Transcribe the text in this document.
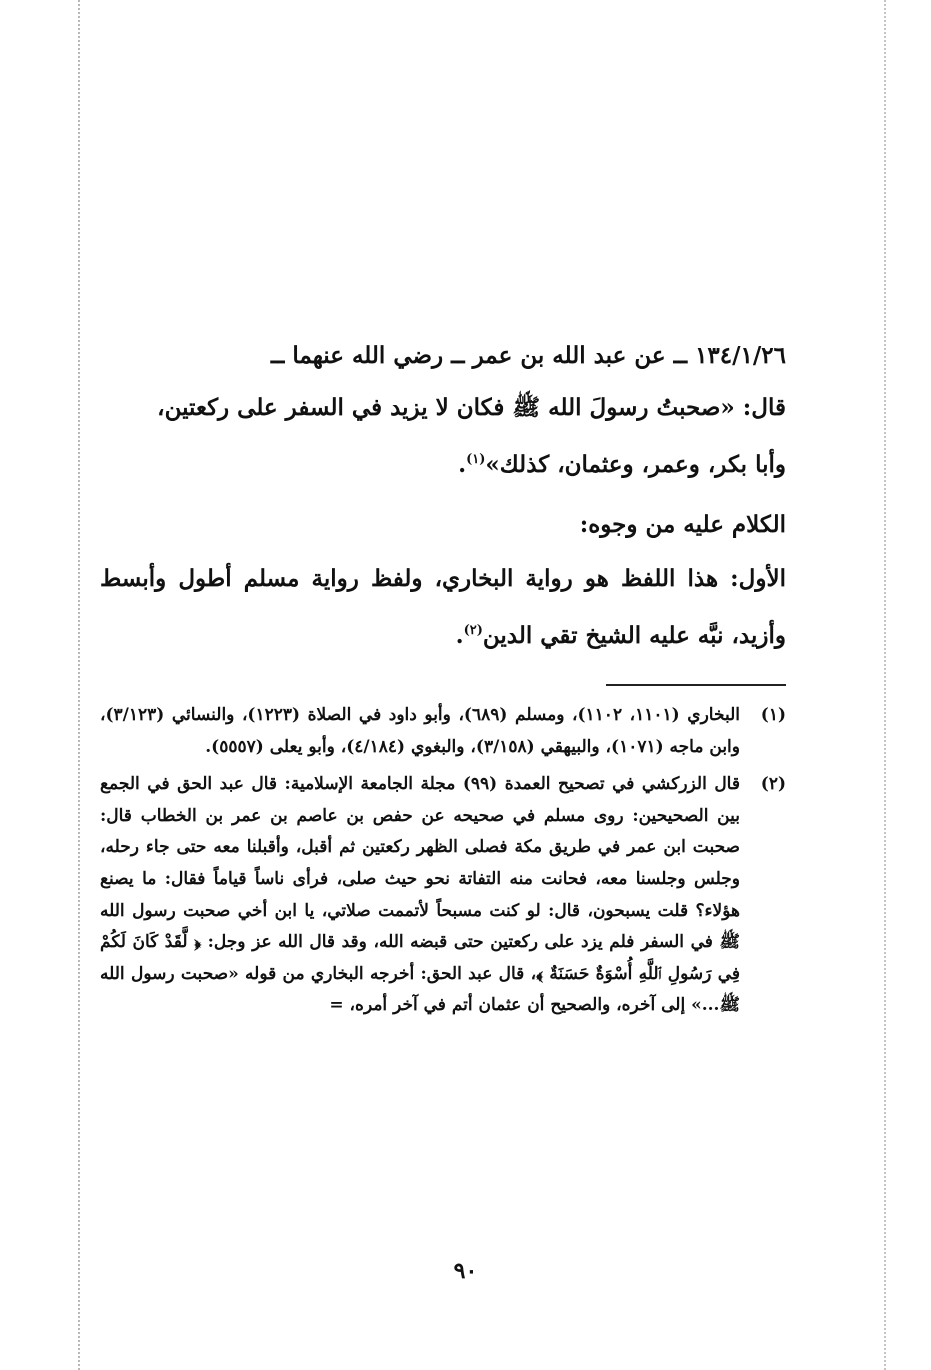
١٣٤/١/٢٦ ــ عن عبد الله بن عمر ــ رضي الله عنهما ــ
قال: «صحبتُ رسولَ الله ﷺ فكان لا يزيد في السفر على ركعتين،
وأبا بكر، وعمر، وعثمان، كذلك»$^{(١)}$.

الكلام عليه من وجوه:

الأول: هذا اللفظ هو رواية البخاري، ولفظ رواية مسلم أطول وأبسط وأزيد، نبَّه عليه الشيخ تقي الدين$^{(٢)}$.

(١)
البخاري (١١٠١، ١١٠٢)، ومسلم (٦٨٩)، وأبو داود في الصلاة (١٢٢٣)، والنسائي (٣/١٢٣)، وابن ماجه (١٠٧١)، والبيهقي (٣/١٥٨)، والبغوي (٤/١٨٤)، وأبو يعلى (٥٥٥٧).
(٢)
قال الزركشي في تصحيح العمدة (٩٩) مجلة الجامعة الإسلامية: قال عبد الحق في الجمع بين الصحيحين: روى مسلم في صحيحه عن حفص بن عاصم بن عمر بن الخطاب قال: صحبت ابن عمر في طريق مكة فصلى الظهر ركعتين ثم أقبل، وأقبلنا معه حتى جاء رحله، وجلس وجلسنا معه، فحانت منه التفاتة نحو حيث صلى، فرأى ناساً قياماً فقال: ما يصنع هؤلاء؟ قلت يسبحون، قال: لو كنت مسبحاً لأتممت صلاتي، يا ابن أخي صحبت رسول الله ﷺ في السفر فلم يزد على ركعتين حتى قبضه الله، وقد قال الله عز وجل: ﴿ لَّقَدْ كَانَ لَكُمْ فِي رَسُولِ ٱللَّهِ أُسْوَةٌ حَسَنَةٌ ﴾، قال عبد الحق: أخرجه البخاري من قوله «صحبت رسول الله ﷺ...» إلى آخره، والصحيح أن عثمان أتم في آخر أمره، =
٩٠
